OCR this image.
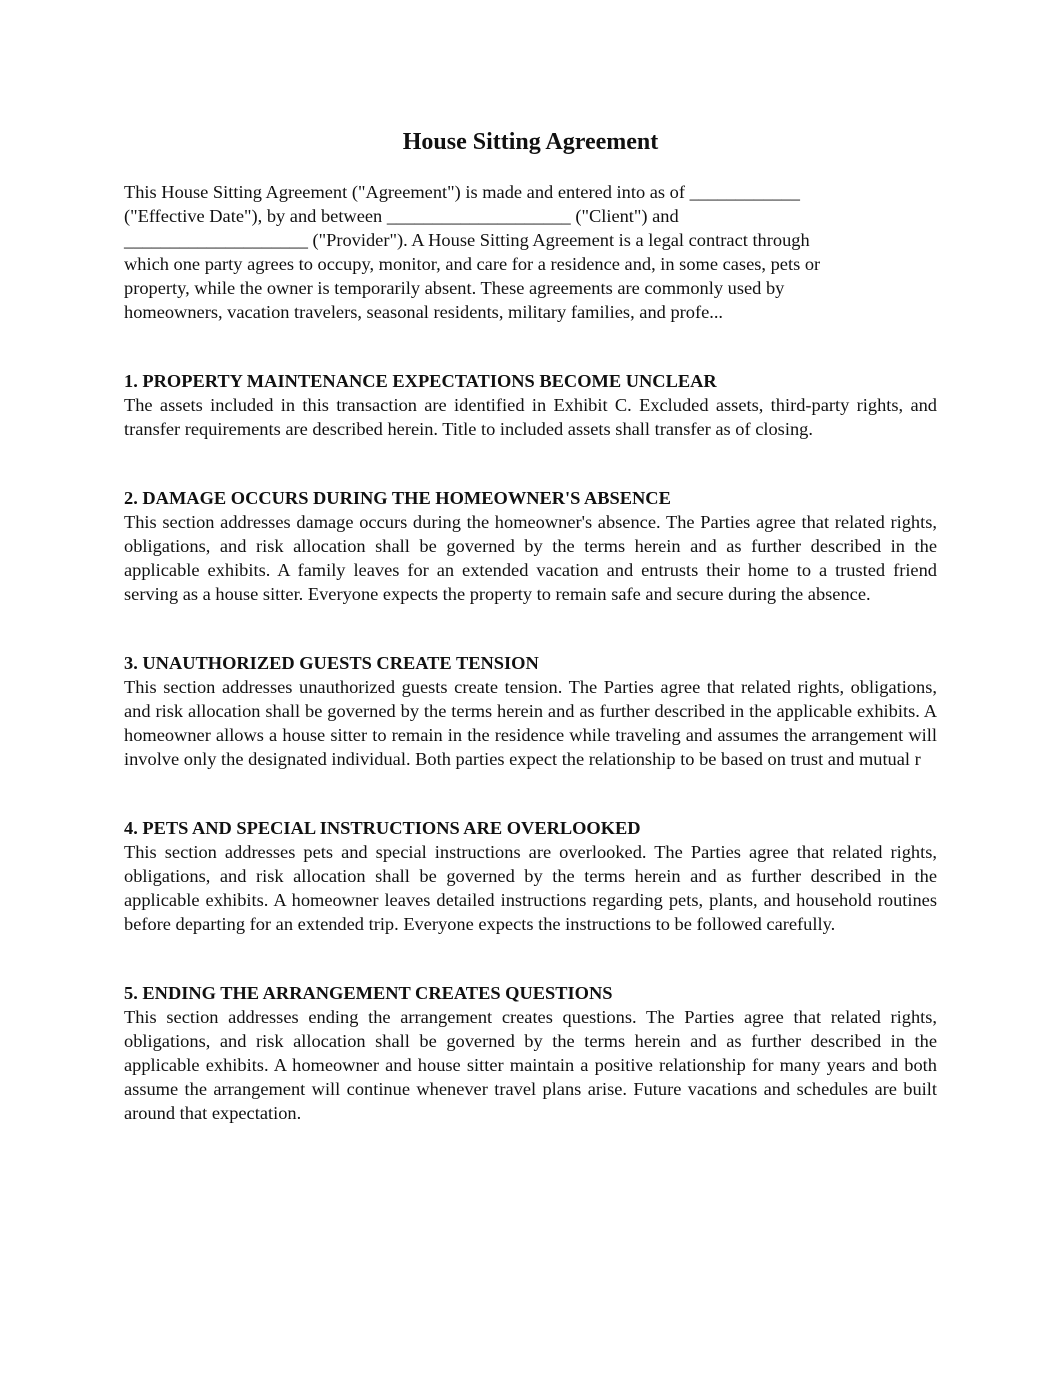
House Sitting Agreement

This House Sitting Agreement ("Agreement") is made and entered into as of ____________
("Effective Date"), by and between ____________________ ("Client") and
____________________ ("Provider"). A House Sitting Agreement is a legal contract through
which one party agrees to occupy, monitor, and care for a residence and, in some cases, pets or
property, while the owner is temporarily absent. These agreements are commonly used by
homeowners, vacation travelers, seasonal residents, military families, and profe...

1. PROPERTY MAINTENANCE EXPECTATIONS BECOME UNCLEAR

The assets included in this transaction are identified in Exhibit C. Excluded assets, third-party rights, and transfer requirements are described herein. Title to included assets shall transfer as of closing.

2. DAMAGE OCCURS DURING THE HOMEOWNER'S ABSENCE

This section addresses damage occurs during the homeowner's absence. The Parties agree that related rights, obligations, and risk allocation shall be governed by the terms herein and as further described in the applicable exhibits. A family leaves for an extended vacation and entrusts their home to a trusted friend serving as a house sitter. Everyone expects the property to remain safe and secure during the absence.

3. UNAUTHORIZED GUESTS CREATE TENSION

This section addresses unauthorized guests create tension. The Parties agree that related rights, obligations, and risk allocation shall be governed by the terms herein and as further described in the applicable exhibits. A homeowner allows a house sitter to remain in the residence while traveling and assumes the arrangement will involve only the designated individual. Both parties expect the relationship to be based on trust and mutual r

4. PETS AND SPECIAL INSTRUCTIONS ARE OVERLOOKED

This section addresses pets and special instructions are overlooked. The Parties agree that related rights, obligations, and risk allocation shall be governed by the terms herein and as further described in the applicable exhibits. A homeowner leaves detailed instructions regarding pets, plants, and household routines before departing for an extended trip. Everyone expects the instructions to be followed carefully.

5. ENDING THE ARRANGEMENT CREATES QUESTIONS

This section addresses ending the arrangement creates questions. The Parties agree that related rights, obligations, and risk allocation shall be governed by the terms herein and as further described in the applicable exhibits. A homeowner and house sitter maintain a positive relationship for many years and both assume the arrangement will continue whenever travel plans arise. Future vacations and schedules are built around that expectation.
